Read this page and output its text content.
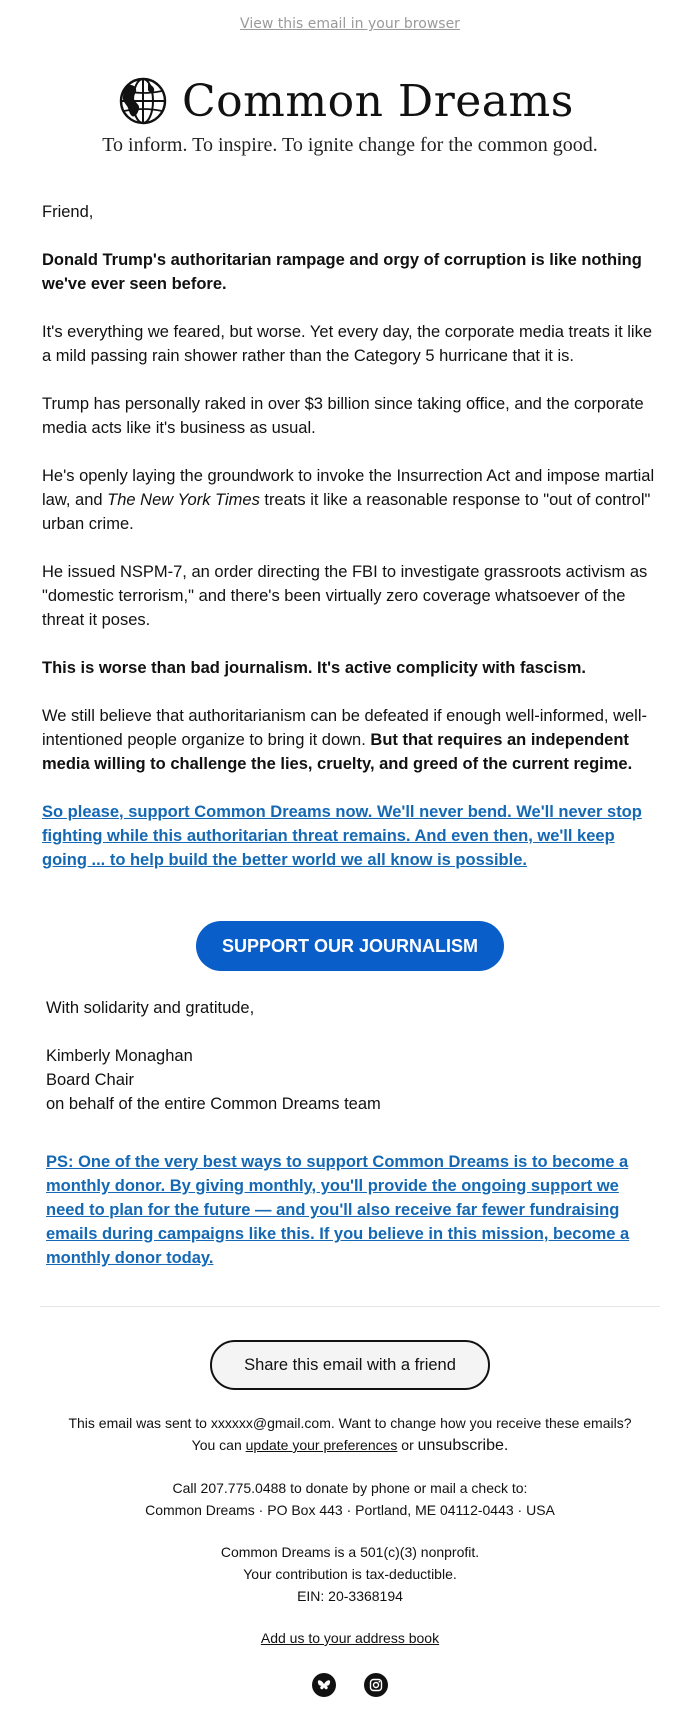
View this email in your browser
Common Dreams
To inform. To inspire. To ignite change for the common good.

Friend,

Donald Trump's authoritarian rampage and orgy of corruption is like nothing we've ever seen before.

It's everything we feared, but worse. Yet every day, the corporate media treats it like a mild passing rain shower rather than the Category 5 hurricane that it is.

Trump has personally raked in over $3 billion since taking office, and the corporate media acts like it's business as usual.

He's openly laying the groundwork to invoke the Insurrection Act and impose martial law, and The New York Times treats it like a reasonable response to "out of control" urban crime.

He issued NSPM-7, an order directing the FBI to investigate grassroots activism as "domestic terrorism," and there's been virtually zero coverage whatsoever of the threat it poses.

This is worse than bad journalism. It's active complicity with fascism.

We still believe that authoritarianism can be defeated if enough well-informed, well-intentioned people organize to bring it down. But that requires an independent media willing to challenge the lies, cruelty, and greed of the current regime.

So please, support Common Dreams now. We'll never bend. We'll never stop fighting while this authoritarian threat remains. And even then, we'll keep going ... to help build the better world we all know is possible.

SUPPORT OUR JOURNALISM

With solidarity and gratitude,

Kimberly Monaghan
Board Chair
on behalf of the entire Common Dreams team
PS: One of the very best ways to support Common Dreams is to become a monthly donor. By giving monthly, you'll provide the ongoing support we need to plan for the future — and you'll also receive far fewer fundraising emails during campaigns like this. If you believe in this mission, become a monthly donor today.
Share this email with a friend

This email was sent to xxxxxx@gmail.com. Want to change how you receive these emails?
You can update your preferences or unsubscribe.

Call 207.775.0488 to donate by phone or mail a check to:
Common Dreams · PO Box 443 · Portland, ME 04112-0443 · USA

Common Dreams is a 501(c)(3) nonprofit.
Your contribution is tax-deductible.
EIN: 20-3368194

Add us to your address book
